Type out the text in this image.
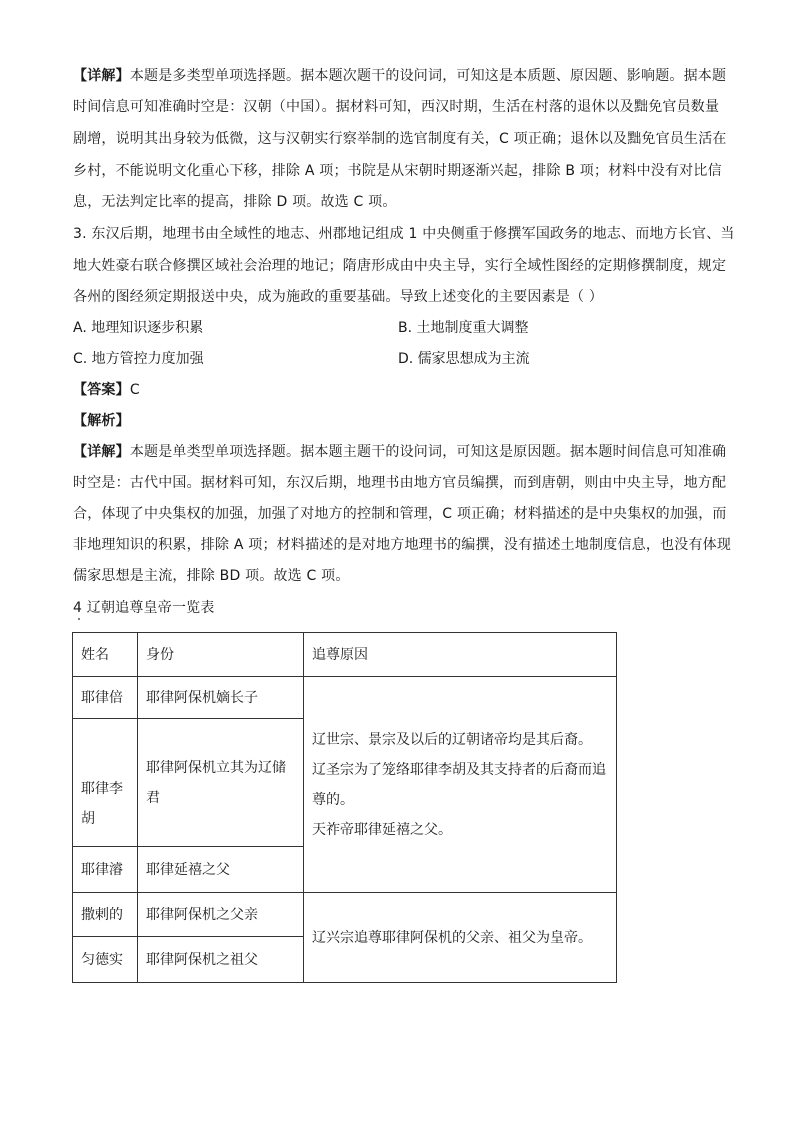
【详解】本题是多类型单项选择题。据本题次题干的设问词，可知这是本质题、原因题、影响题。据本题
时间信息可知准确时空是：汉朝（中国）。据材料可知，西汉时期，生活在村落的退休以及黜免官员数量
剧增，说明其出身较为低微，这与汉朝实行察举制的选官制度有关，C 项正确；退休以及黜免官员生活在
乡村，不能说明文化重心下移，排除 A 项；书院是从宋朝时期逐渐兴起，排除 B 项；材料中没有对比信
息，无法判定比率的提高，排除 D 项。故选 C 项。
3. 东汉后期，地理书由全域性的地志、州郡地记组成 1 中央侧重于修撰军国政务的地志、而地方长官、当
地大姓豪右联合修撰区域社会治理的地记；隋唐形成由中央主导，实行全域性图经的定期修撰制度，规定
各州的图经须定期报送中央，成为施政的重要基础。导致上述变化的主要因素是（ ）
A. 地理知识逐步积累	B. 土地制度重大调整
C. 地方管控力度加强	D. 儒家思想成为主流
【答案】C
【解析】
【详解】本题是单类型单项选择题。据本题主题干的设问词，可知这是原因题。据本题时间信息可知准确
时空是：古代中国。据材料可知，东汉后期，地理书由地方官员编撰，而到唐朝，则由中央主导，地方配
合，体现了中央集权的加强，加强了对地方的控制和管理，C 项正确；材料描述的是中央集权的加强，而
非地理知识的积累，排除 A 项；材料描述的是对地方地理书的编撰，没有描述土地制度信息，也没有体现
儒家思想是主流，排除 BD 项。故选 C 项。
4 辽朝追尊皇帝一览表
姓名	身份	追尊原因
耶律倍	耶律阿保机嫡长子	辽世宗、景宗及以后的辽朝诸帝均是其后裔。
辽圣宗为了笼络耶律李胡及其支持者的后裔而追尊的。
天祚帝耶律延禧之父。

耶律李胡	耶律阿保机立其为辽储君	
耶律濬	耶律延禧之父	
撒剌的	耶律阿保机之父亲	辽兴宗追尊耶律阿保机的父亲、祖父为皇帝。
匀德实	耶律阿保机之祖父	
